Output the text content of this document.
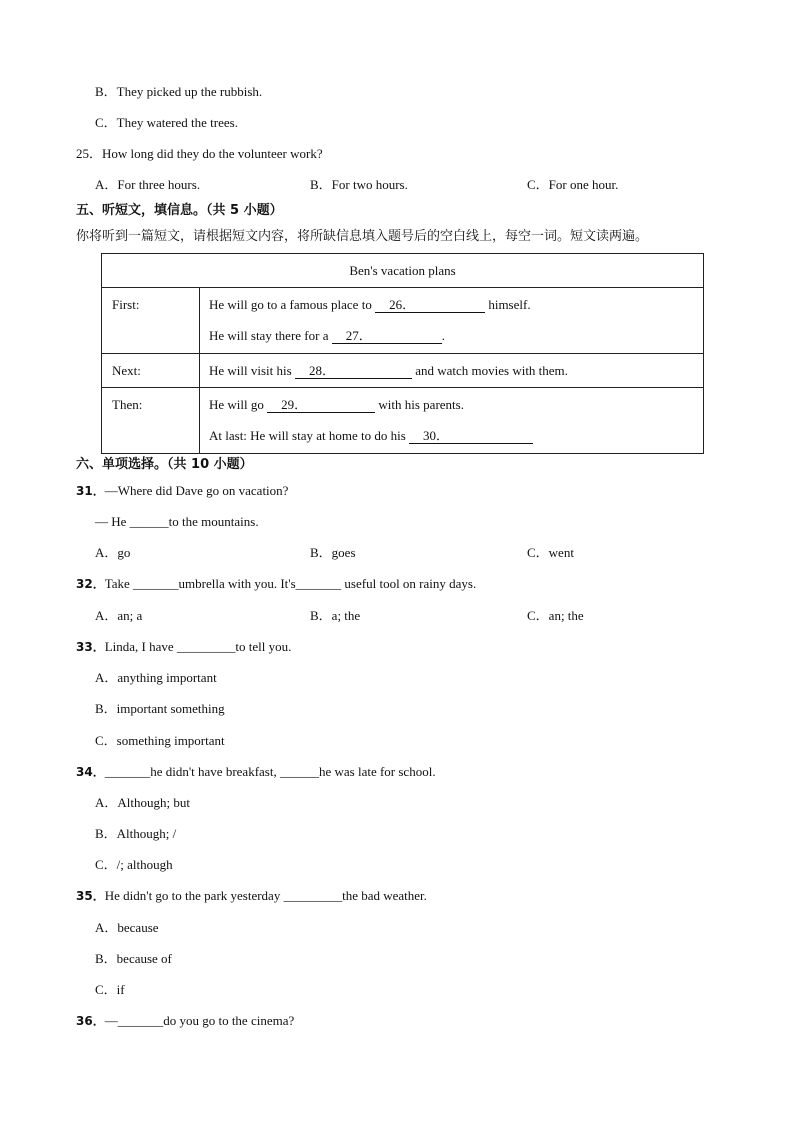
B．They picked up the rubbish.
C．They watered the trees.
25．How long did they do the volunteer work?
A．For three hours.	B．For two hours.	C．For one hour.
五、听短文，填信息。（共 5 小题）
你将听到一篇短文，请根据短文内容，将所缺信息填入题号后的空白线上，每空一词。短文读两遍。
Ben's vacation plans	
First:	He will go to a famous place to 26． himself.
He will stay there for a 27． .

Next:	He will visit his 28． and watch movies with them.

Then:	He will go 29． with his parents.
At last: He will stay at home to do his 30．
六、单项选择。（共 10 小题）
31．—Where did Dave go on vacation?
— He ______to the mountains.
A．go	B．goes	C．went
32．Take _______umbrella with you. It's_______ useful tool on rainy days.
A．an; a	B．a; the	C．an; the
33．Linda, I have _________to tell you.
A．anything important
B．important something
C．something important
34．_______he didn't have breakfast, ______he was late for school.
A．Although; but
B．Although; /
C．/; although
35．He didn't go to the park yesterday _________the bad weather.
A．because
B．because of
C．if
36．—_______do you go to the cinema?
